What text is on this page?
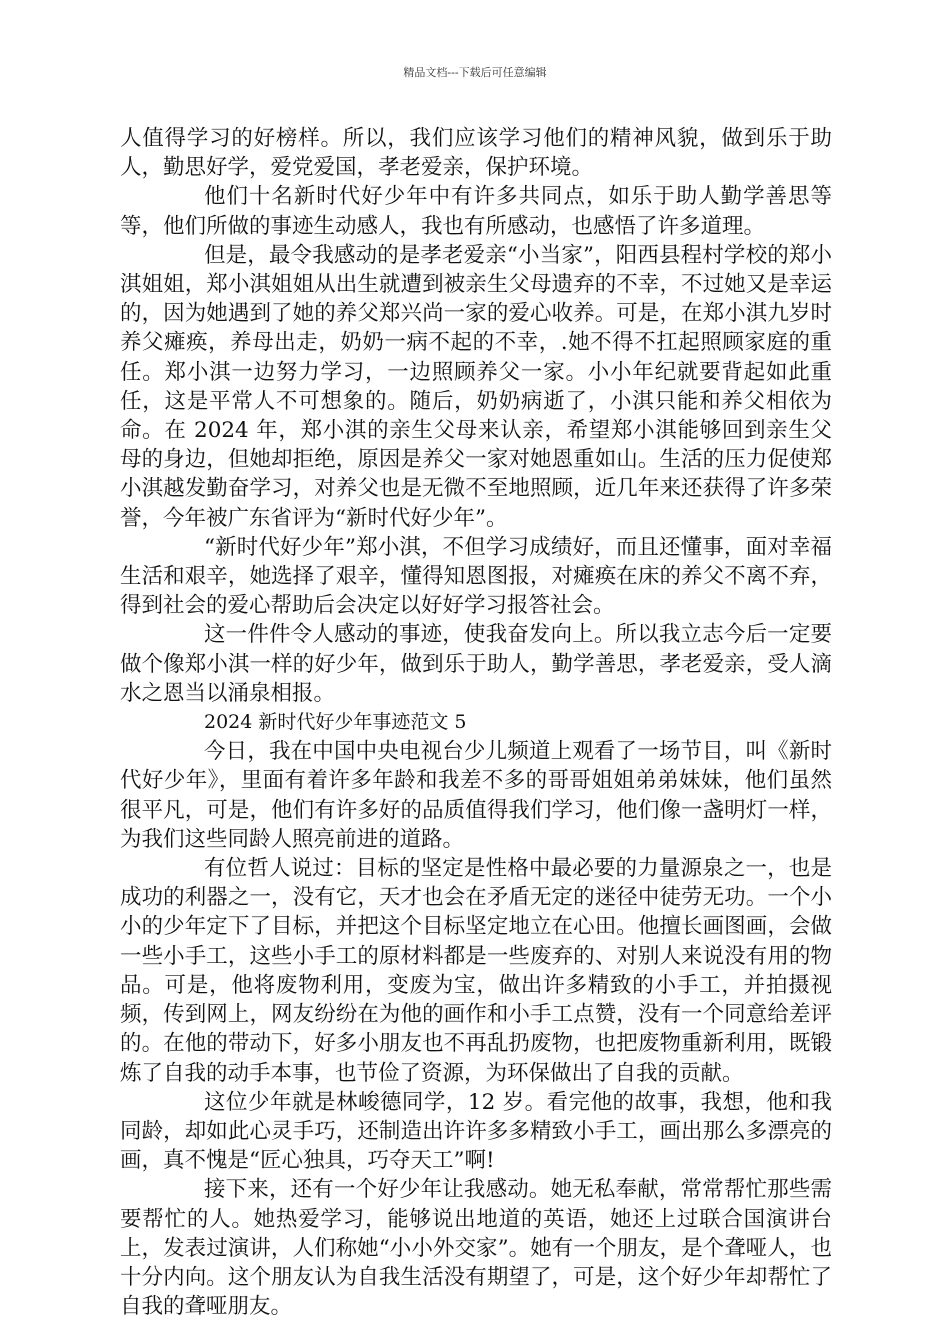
精品文档---下载后可任意编辑

人值得学习的好榜样。所以，我们应该学习他们的精神风貌，做到乐于助人，勤思好学，爱党爱国，孝老爱亲，保护环境。

他们十名新时代好少年中有许多共同点，如乐于助人勤学善思等等，他们所做的事迹生动感人，我也有所感动，也感悟了许多道理。

但是，最令我感动的是孝老爱亲“小当家”，阳西县程村学校的郑小淇姐姐，郑小淇姐姐从出生就遭到被亲生父母遗弃的不幸，不过她又是幸运的，因为她遇到了她的养父郑兴尚一家的爱心收养。可是，在郑小淇九岁时养父瘫痪，养母出走，奶奶一病不起的不幸，.她不得不扛起照顾家庭的重任。郑小淇一边努力学习，一边照顾养父一家。小小年纪就要背起如此重任，这是平常人不可想象的。随后，奶奶病逝了，小淇只能和养父相依为命。在 2024 年，郑小淇的亲生父母来认亲，希望郑小淇能够回到亲生父母的身边，但她却拒绝，原因是养父一家对她恩重如山。生活的压力促使郑小淇越发勤奋学习，对养父也是无微不至地照顾，近几年来还获得了许多荣誉，今年被广东省评为“新时代好少年”。

“新时代好少年”郑小淇，不但学习成绩好，而且还懂事，面对幸福生活和艰辛，她选择了艰辛，懂得知恩图报，对瘫痪在床的养父不离不弃，得到社会的爱心帮助后会决定以好好学习报答社会。

这一件件令人感动的事迹，使我奋发向上。所以我立志今后一定要做个像郑小淇一样的好少年，做到乐于助人，勤学善思，孝老爱亲，受人滴水之恩当以涌泉相报。

2024 新时代好少年事迹范文 5

今日，我在中国中央电视台少儿频道上观看了一场节目，叫《新时代好少年》，里面有着许多年龄和我差不多的哥哥姐姐弟弟妹妹，他们虽然很平凡，可是，他们有许多好的品质值得我们学习，他们像一盏明灯一样，为我们这些同龄人照亮前进的道路。

有位哲人说过：目标的坚定是性格中最必要的力量源泉之一，也是成功的利器之一，没有它，天才也会在矛盾无定的迷径中徒劳无功。一个小小的少年定下了目标，并把这个目标坚定地立在心田。他擅长画图画，会做一些小手工，这些小手工的原材料都是一些废弃的、对别人来说没有用的物品。可是，他将废物利用，变废为宝，做出许多精致的小手工，并拍摄视频，传到网上，网友纷纷在为他的画作和小手工点赞，没有一个同意给差评的。在他的带动下，好多小朋友也不再乱扔废物，也把废物重新利用，既锻炼了自我的动手本事，也节俭了资源，为环保做出了自我的贡献。

这位少年就是林峻德同学，12 岁。看完他的故事，我想，他和我同龄，却如此心灵手巧，还制造出许许多多精致小手工，画出那么多漂亮的画，真不愧是“匠心独具，巧夺天工”啊!

接下来，还有一个好少年让我感动。她无私奉献，常常帮忙那些需要帮忙的人。她热爱学习，能够说出地道的英语，她还上过联合国演讲台上，发表过演讲，人们称她“小小外交家”。她有一个朋友，是个聋哑人，也十分内向。这个朋友认为自我生活没有期望了，可是，这个好少年却帮忙了自我的聋哑朋友。
